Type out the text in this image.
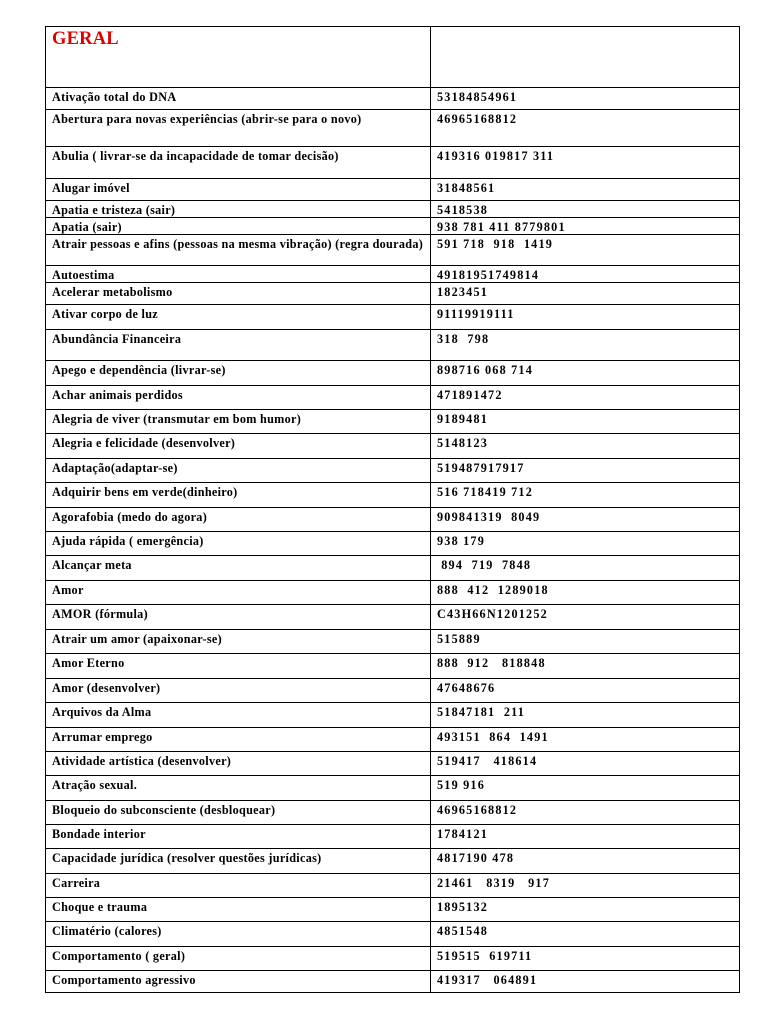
GERAL	
Ativação total do DNA	53184854961
Abertura para novas experiências (abrir-se para o novo)	46965168812
Abulia ( livrar-se da incapacidade de tomar decisão)	419316 019817 311
Alugar imóvel	31848561
Apatia e tristeza (sair)	5418538
Apatia (sair)	938 781 411 8779801
Atrair pessoas e afins (pessoas na mesma vibração) (regra dourada)	591 718  918  1419
Autoestima	49181951749814
Acelerar metabolismo	1823451
Ativar corpo de luz	91119919111
Abundância Financeira	318  798
Apego e dependência (livrar-se)	898716 068 714
Achar animais perdidos	471891472
Alegria de viver (transmutar em bom humor)	9189481
Alegria e felicidade (desenvolver)	5148123
Adaptação(adaptar-se)	519487917917
Adquirir bens em verde(dinheiro)	516 718419 712
Agorafobia (medo do agora)	909841319  8049
Ajuda rápida ( emergência)	938 179
Alcançar meta	894  719  7848
Amor	888  412  1289018
AMOR (fórmula)	C43H66N1201252
Atrair um amor (apaixonar-se)	515889
Amor Eterno	888  912   818848
Amor (desenvolver)	47648676
Arquivos da Alma	51847181  211
Arrumar emprego	493151  864  1491
Atividade artística (desenvolver)	519417   418614
Atração sexual.	519 916
Bloqueio do subconsciente (desbloquear)	46965168812
Bondade interior	1784121
Capacidade jurídica (resolver questões jurídicas)	4817190 478
Carreira	21461   8319   917
Choque e trauma	1895132
Climatério (calores)	4851548
Comportamento ( geral)	519515  619711
Comportamento agressivo	419317   064891
